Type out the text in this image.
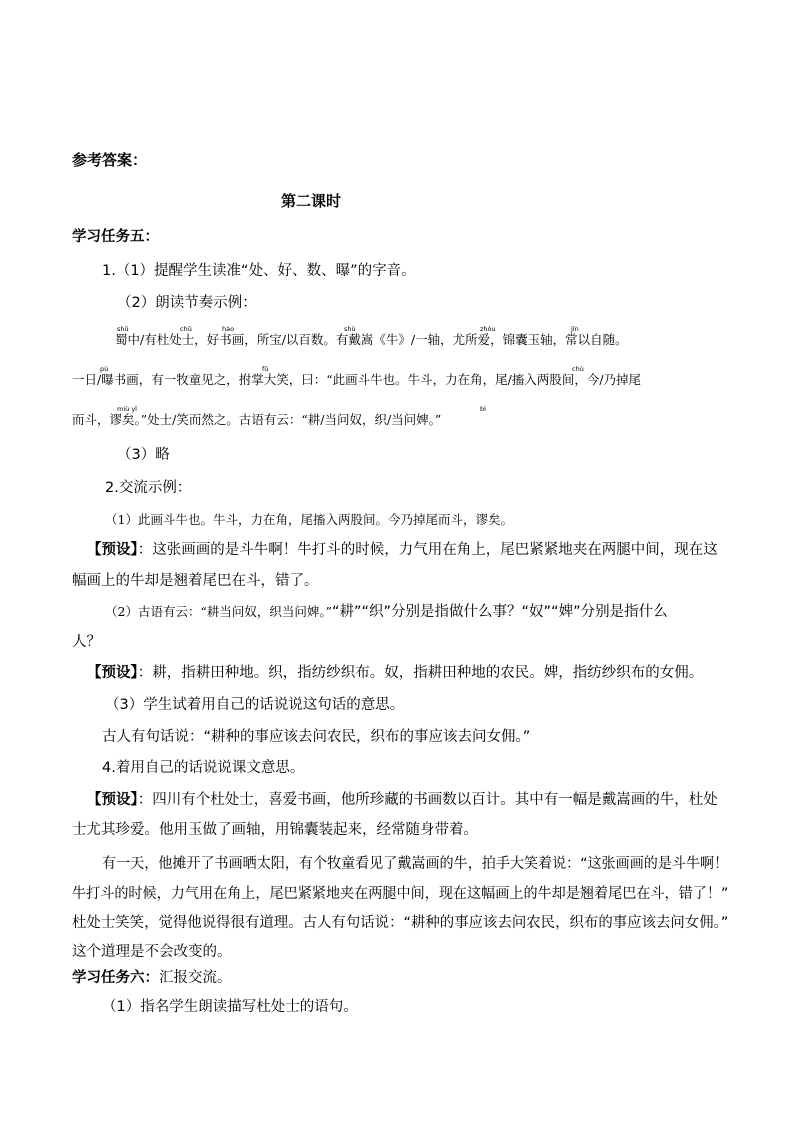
参考答案：
第二课时
学习任务五：
1.（1）提醒学生读准“处、好、数、曝”的字音。
（2）朗读节奏示例：
shǔ	chǔ	hào	shù	zhóu	jǐn
蜀中/有杜处士，好书画，所宝/以百数。有戴嵩《牛》/一轴，尤所爱，锦囊玉轴，常以自随。
pù	fǔ	chù
一日/曝书画，有一牧童见之，拊掌大笑，曰：“此画斗牛也。牛斗，力在角，尾/搐入两股间，今/乃掉尾
miù yǐ	bì
而斗，谬矣。”处士/笑而然之。古语有云：“耕/当问奴，织/当问婢。”
（3）略
2.交流示例：
（1）此画斗牛也。牛斗，力在角，尾搐入两股间。今乃掉尾而斗，谬矣。
【预设】：这张画画的是斗牛啊！牛打斗的时候，力气用在角上，尾巴紧紧地夹在两腿中间，现在这
幅画上的牛却是翘着尾巴在斗，错了。
（2）古语有云：“耕当问奴，织当问婢。”“耕”“织”分别是指做什么事？“奴”“婢”分别是指什么
人？
【预设】：耕，指耕田种地。织，指纺纱织布。奴，指耕田种地的农民。婢，指纺纱织布的女佣。
（3）学生试着用自己的话说说这句话的意思。
古人有句话说：“耕种的事应该去问农民，织布的事应该去问女佣。”
4.着用自己的话说说课文意思。
【预设】：四川有个杜处士，喜爱书画，他所珍藏的书画数以百计。其中有一幅是戴嵩画的牛，杜处
士尤其珍爱。他用玉做了画轴，用锦囊装起来，经常随身带着。
有一天，他摊开了书画晒太阳，有个牧童看见了戴嵩画的牛，拍手大笑着说：“这张画画的是斗牛啊！
牛打斗的时候，力气用在角上，尾巴紧紧地夹在两腿中间，现在这幅画上的牛却是翘着尾巴在斗，错了！”
杜处士笑笑，觉得他说得很有道理。古人有句话说：“耕种的事应该去问农民，织布的事应该去问女佣。”
这个道理是不会改变的。
学习任务六：汇报交流。
（1）指名学生朗读描写杜处士的语句。
